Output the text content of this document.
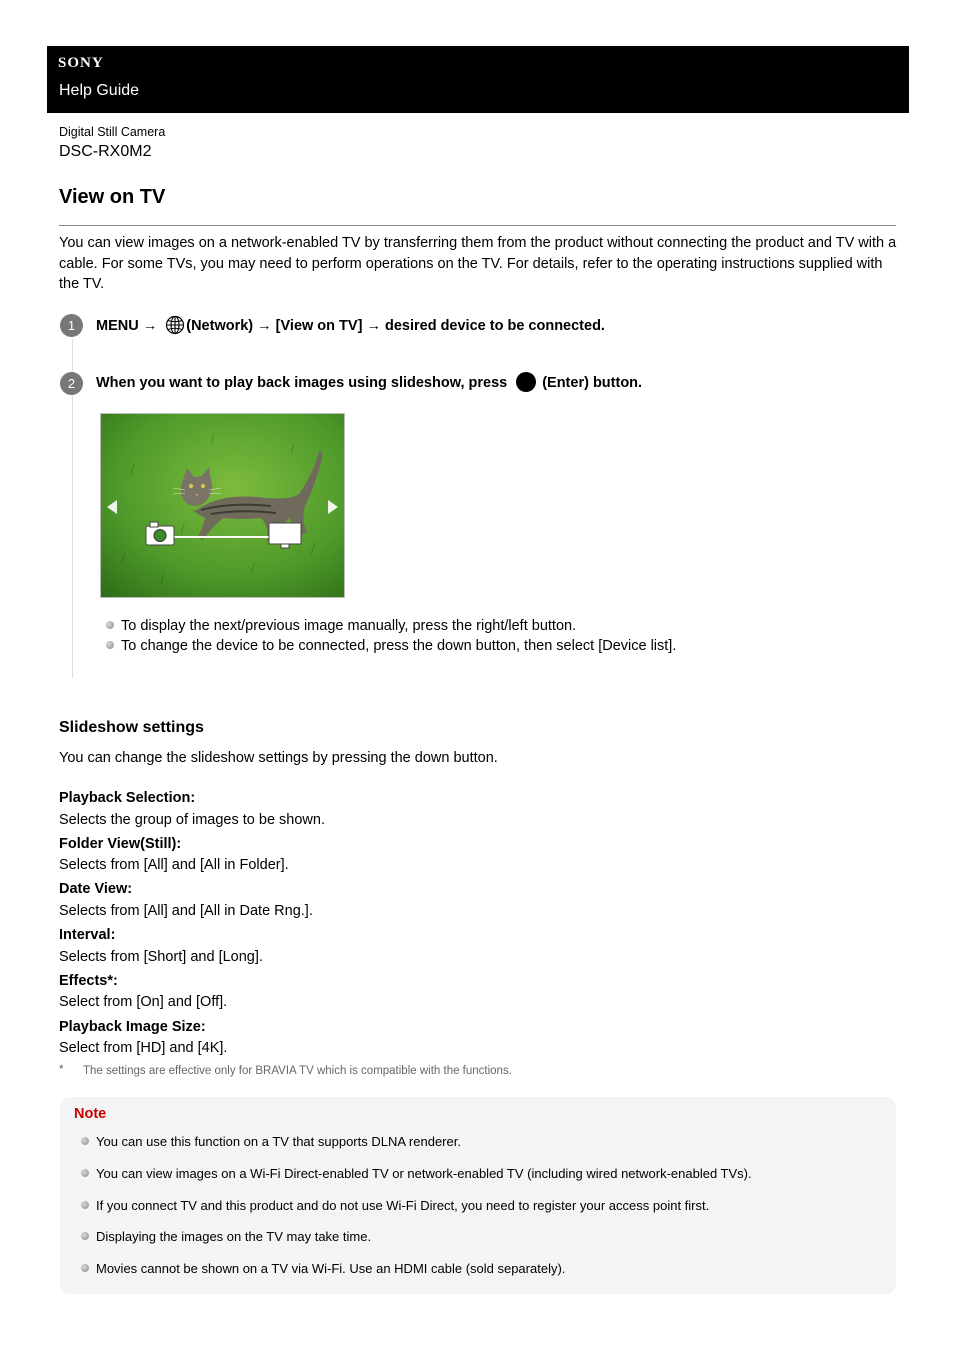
SONY
Help Guide
Digital Still Camera
DSC-RX0M2
View on TV

You can view images on a network-enabled TV by transferring them from the product without connecting the product and TV with a cable. For some TVs, you may need to perform operations on the TV. For details, refer to the operating instructions supplied with the TV.

1	MENU → (Network) → [View on TV] → desired device to be connected.
2	When you want to play back images using slideshow, press (Enter) button.
To display the next/previous image manually, press the right/left button.
To change the device to be connected, press the down button, then select [Device list].
Slideshow settings

You can change the slideshow settings by pressing the down button.

Playback Selection:
Selects the group of images to be shown.
Folder View(Still):
Selects from [All] and [All in Folder].
Date View:
Selects from [All] and [All in Date Rng.].
Interval:
Selects from [Short] and [Long].
Effects*:
Select from [On] and [Off].
Playback Image Size:
Select from [HD] and [4K].
* The settings are effective only for BRAVIA TV which is compatible with the functions.
Note
You can use this function on a TV that supports DLNA renderer.
You can view images on a Wi-Fi Direct-enabled TV or network-enabled TV (including wired network-enabled TVs).
If you connect TV and this product and do not use Wi-Fi Direct, you need to register your access point first.
Displaying the images on the TV may take time.
Movies cannot be shown on a TV via Wi-Fi. Use an HDMI cable (sold separately).
